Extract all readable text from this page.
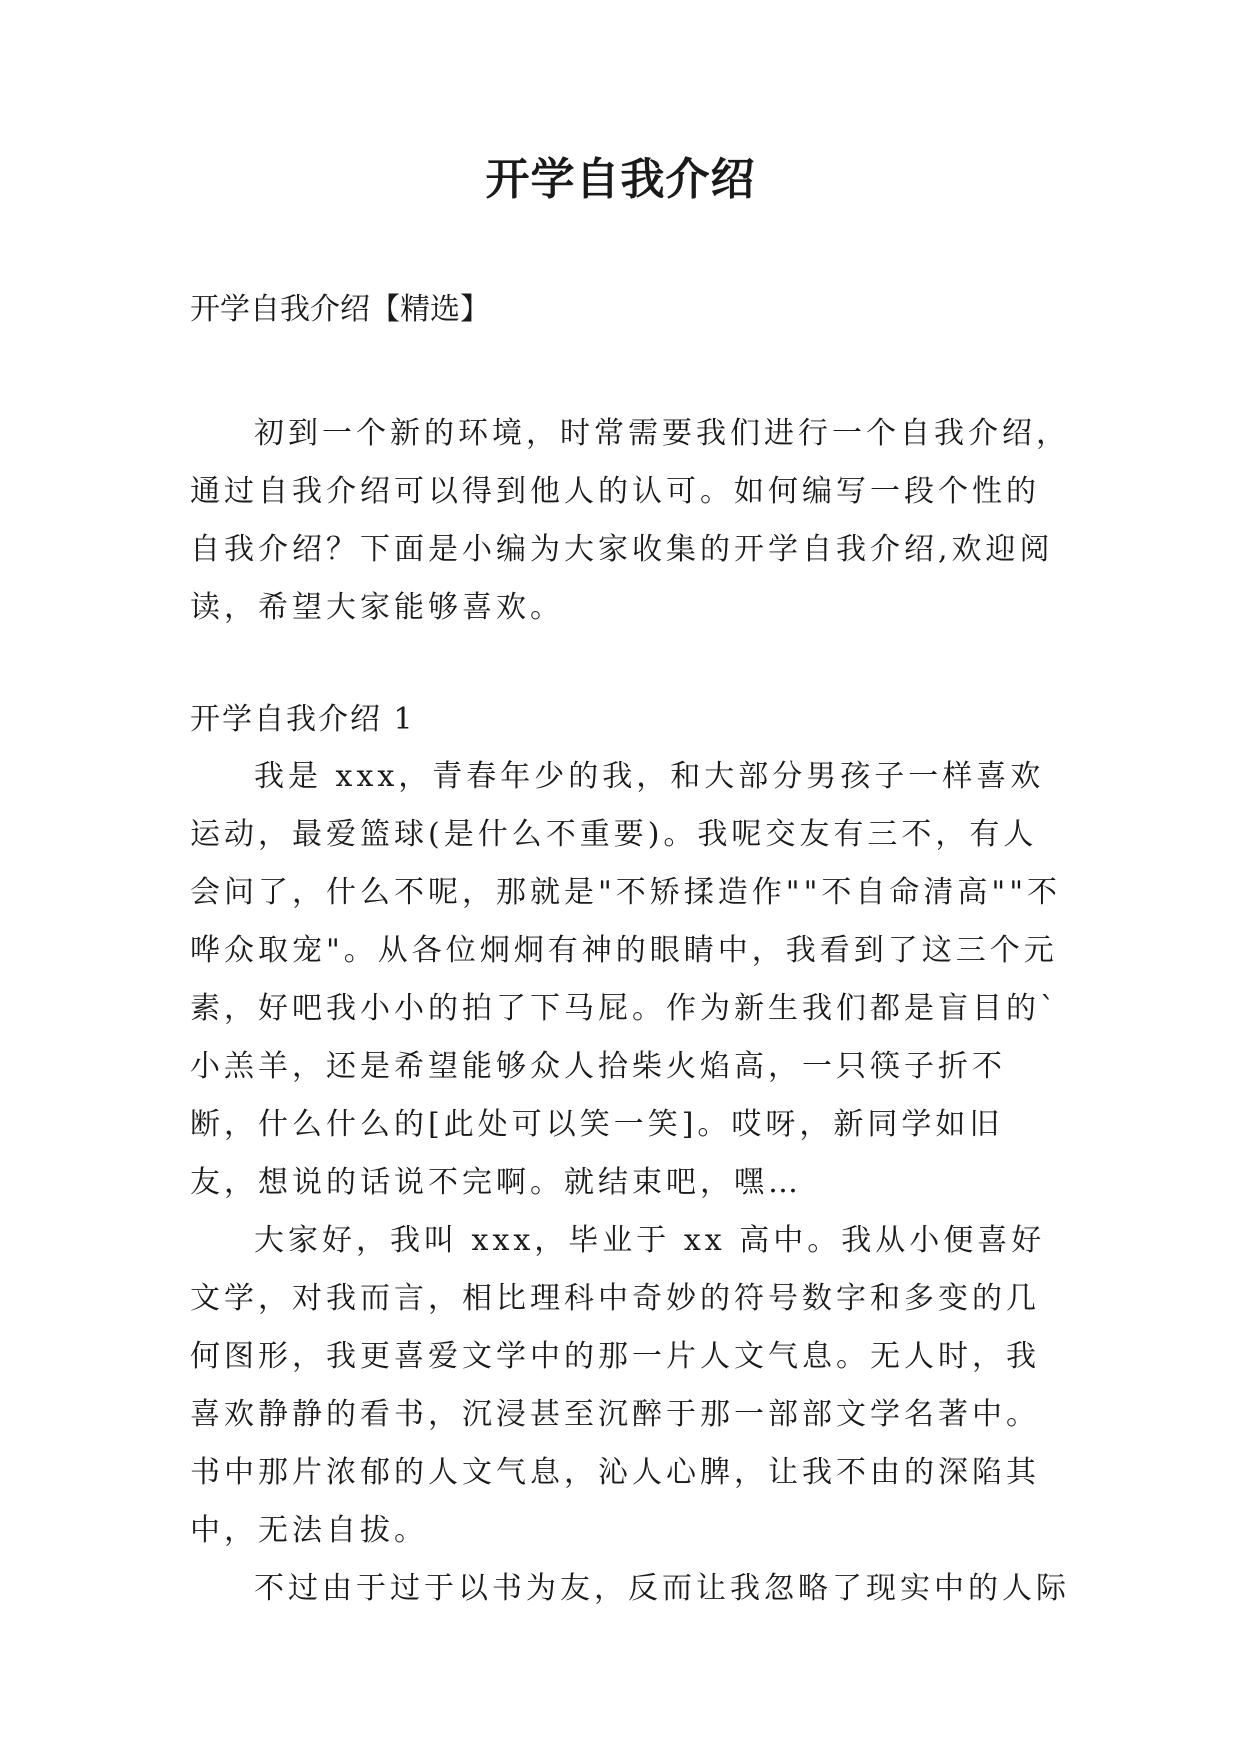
开学自我介绍
开学自我介绍【精选】

初到一个新的环境，时常需要我们进行一个自我介绍，通过自我介绍可以得到他人的认可。如何编写一段个性的自我介绍？下面是小编为大家收集的开学自我介绍,欢迎阅读，希望大家能够喜欢。

开学自我介绍 1

我是 xxx，青春年少的我，和大部分男孩子一样喜欢运动，最爱篮球(是什么不重要)。我呢交友有三不，有人会问了，什么不呢，那就是"不矫揉造作""不自命清高""不哗众取宠"。从各位炯炯有神的眼睛中，我看到了这三个元素，好吧我小小的拍了下马屁。作为新生我们都是盲目的`小羔羊，还是希望能够众人拾柴火焰高，一只筷子折不断，什么什么的[此处可以笑一笑]。哎呀，新同学如旧友，想说的话说不完啊。就结束吧，嘿…

大家好，我叫 xxx，毕业于 xx 高中。我从小便喜好文学，对我而言，相比理科中奇妙的符号数字和多变的几何图形，我更喜爱文学中的那一片人文气息。无人时，我喜欢静静的看书，沉浸甚至沉醉于那一部部文学名著中。书中那片浓郁的人文气息，沁人心脾，让我不由的深陷其中，无法自拔。

不过由于过于以书为友，反而让我忽略了现实中的人际
